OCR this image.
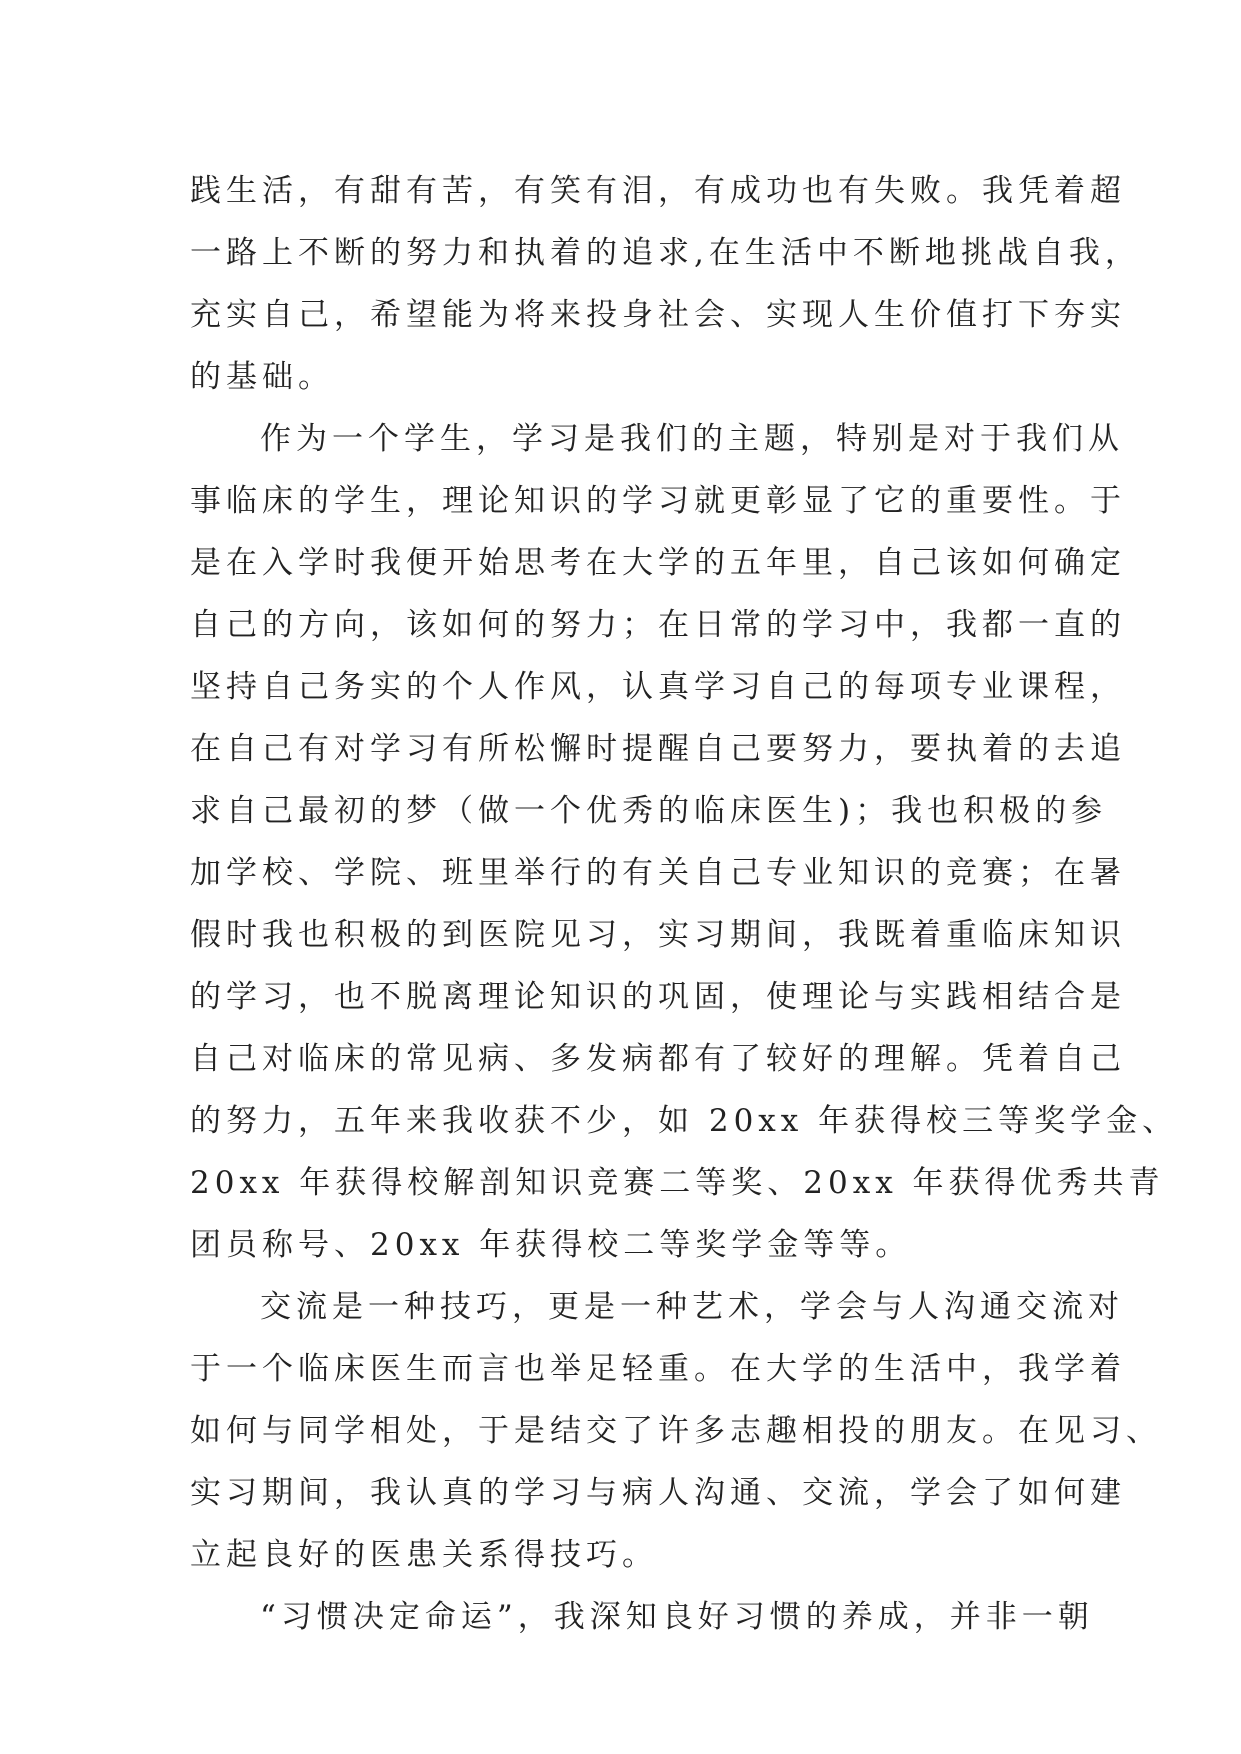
践生活，有甜有苦，有笑有泪，有成功也有失败。我凭着超
一路上不断的努力和执着的追求,在生活中不断地挑战自我，
充实自己，希望能为将来投身社会、实现人生价值打下夯实
的基础。
作为一个学生，学习是我们的主题，特别是对于我们从
事临床的学生，理论知识的学习就更彰显了它的重要性。于
是在入学时我便开始思考在大学的五年里，自己该如何确定
自己的方向，该如何的努力；在日常的学习中，我都一直的
坚持自己务实的个人作风，认真学习自己的每项专业课程，
在自己有对学习有所松懈时提醒自己要努力，要执着的去追
求自己最初的梦（做一个优秀的临床医生)；我也积极的参
加学校、学院、班里举行的有关自己专业知识的竞赛；在暑
假时我也积极的到医院见习，实习期间，我既着重临床知识
的学习，也不脱离理论知识的巩固，使理论与实践相结合是
自己对临床的常见病、多发病都有了较好的理解。凭着自己
的努力，五年来我收获不少，如 20xx 年获得校三等奖学金、
20xx 年获得校解剖知识竞赛二等奖、20xx 年获得优秀共青
团员称号、20xx 年获得校二等奖学金等等。
交流是一种技巧，更是一种艺术，学会与人沟通交流对
于一个临床医生而言也举足轻重。在大学的生活中，我学着
如何与同学相处，于是结交了许多志趣相投的朋友。在见习、
实习期间，我认真的学习与病人沟通、交流，学会了如何建
立起良好的医患关系得技巧。
“习惯决定命运”，我深知良好习惯的养成，并非一朝
